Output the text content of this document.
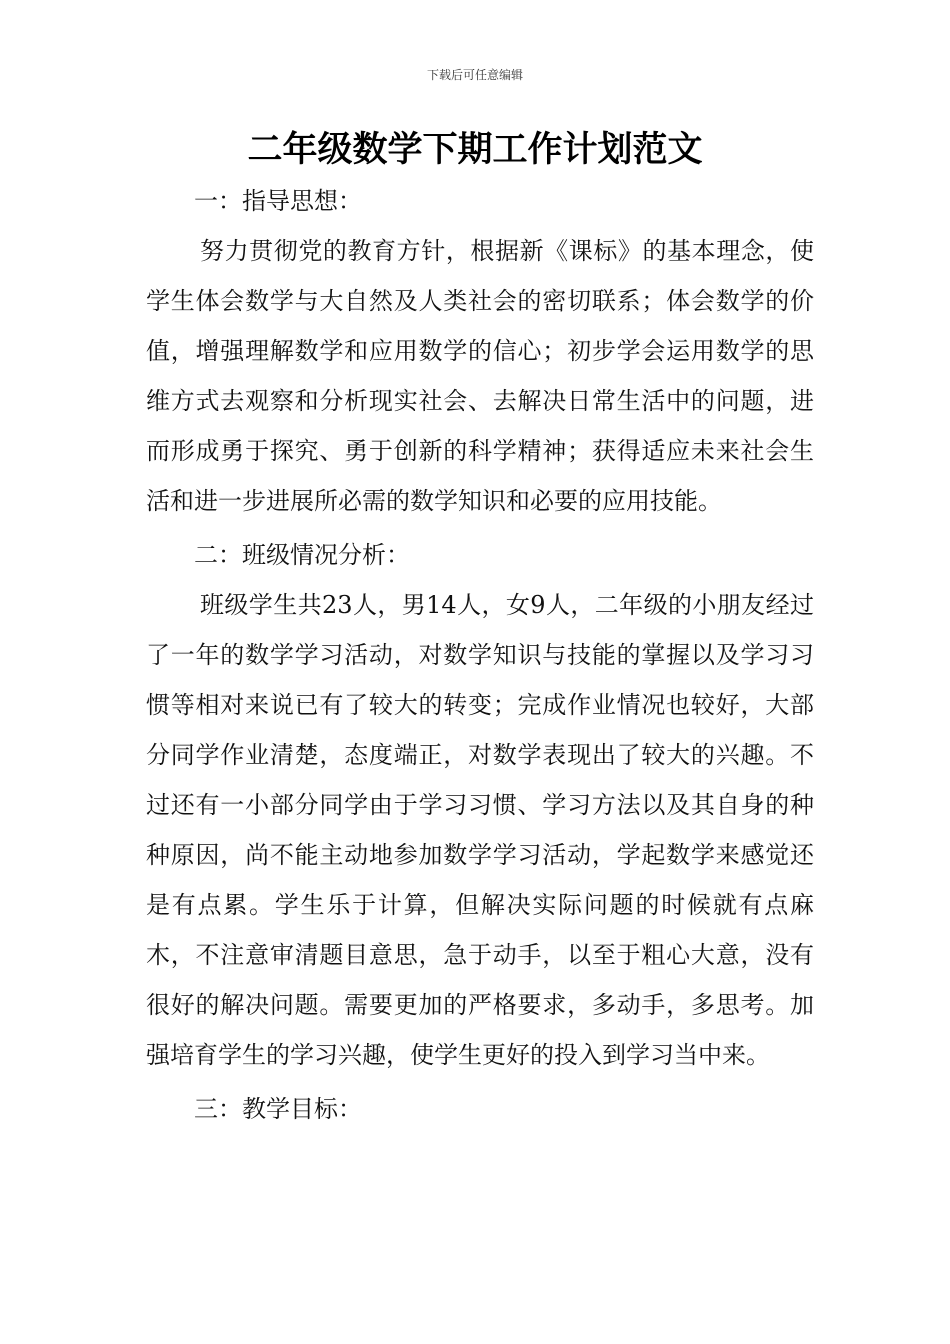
下载后可任意编辑
二年级数学下期工作计划范文

一：指导思想：

努力贯彻党的教育方针，根据新《课标》的基本理念，使学生体会数学与大自然及人类社会的密切联系；体会数学的价值，增强理解数学和应用数学的信心；初步学会运用数学的思维方式去观察和分析现实社会、去解决日常生活中的问题，进而形成勇于探究、勇于创新的科学精神；获得适应未来社会生活和进一步进展所必需的数学知识和必要的应用技能。

二：班级情况分析：

班级学生共23人，男14人，女9人，二年级的小朋友经过了一年的数学学习活动，对数学知识与技能的掌握以及学习习惯等相对来说已有了较大的转变；完成作业情况也较好，大部分同学作业清楚，态度端正，对数学表现出了较大的兴趣。不过还有一小部分同学由于学习习惯、学习方法以及其自身的种种原因，尚不能主动地参加数学学习活动，学起数学来感觉还是有点累。学生乐于计算，但解决实际问题的时候就有点麻木，不注意审清题目意思，急于动手，以至于粗心大意，没有很好的解决问题。需要更加的严格要求，多动手，多思考。加强培育学生的学习兴趣，使学生更好的投入到学习当中来。

三：教学目标：
